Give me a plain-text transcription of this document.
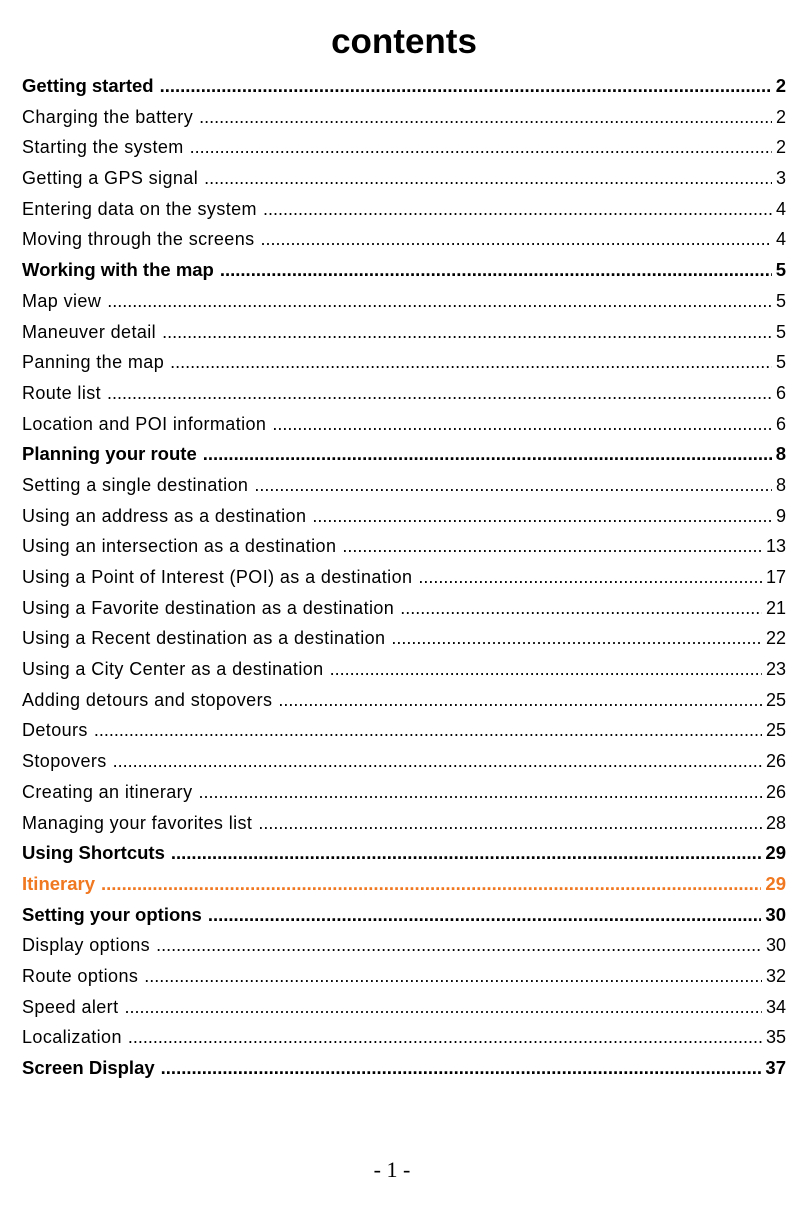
contents
Getting started .....	2
Charging the battery .....	2
Starting the system .....	2
Getting a GPS signal .....	3
Entering data on the system .....	4
Moving through the screens .....	4
Working with the map .....	5
Map view .....	5
Maneuver detail .....	5
Panning the map .....	5
Route list .....	6
Location and POI information .....	6
Planning your route .....	8
Setting a single destination .....	8
Using an address as a destination .....	9
Using an intersection as a destination .....	13
Using a Point of Interest (POI) as a destination .....	17
Using a Favorite destination as a destination .....	21
Using a Recent destination as a destination .....	22
Using a City Center as a destination .....	23
Adding detours and stopovers .....	25
Detours .....	25
Stopovers .....	26
Creating an itinerary .....	26
Managing your favorites list .....	28
Using Shortcuts .....	29
Itinerary .....	29
Setting your options .....	30
Display options .....	30
Route options .....	32
Speed alert .....	34
Localization .....	35
Screen Display .....	37
- 1 -
